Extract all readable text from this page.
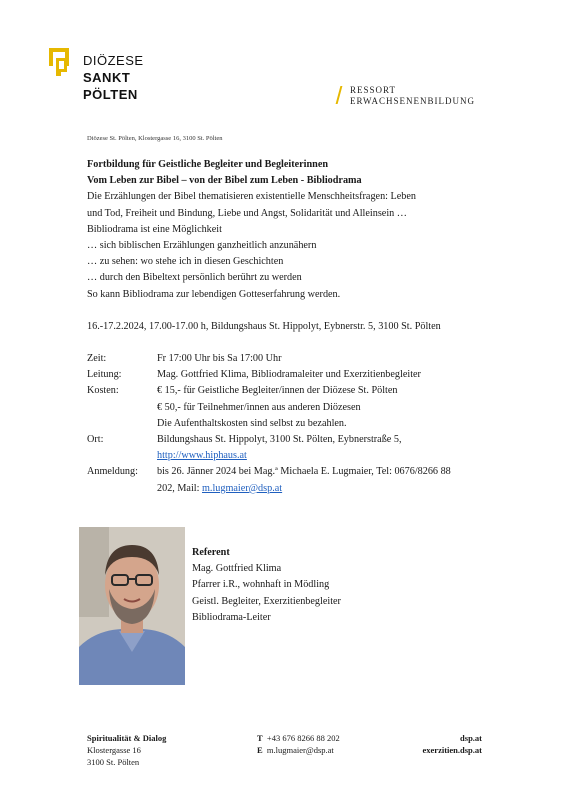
DIÖZESE
SANKT
PÖLTEN	RESSORT
ERWACHSENENBILDUNG
Diözese St. Pölten, Klostergasse 16, 3100 St. Pölten
Fortbildung für Geistliche Begleiter und Begleiterinnen
Vom Leben zur Bibel – von der Bibel zum Leben - Bibliodrama
Die Erzählungen der Bibel thematisieren existentielle Menschheitsfragen: Leben
und Tod, Freiheit und Bindung, Liebe und Angst, Solidarität und Alleinsein …
Bibliodrama ist eine Möglichkeit
… sich biblischen Erzählungen ganzheitlich anzunähern
… zu sehen: wo stehe ich in diesen Geschichten
… durch den Bibeltext persönlich berührt zu werden
So kann Bibliodrama zur lebendigen Gotteserfahrung werden.
16.-17.2.2024, 17.00-17.00 h, Bildungshaus St. Hippolyt, Eybnerstr. 5, 3100 St. Pölten
Zeit:	Fr 17:00 Uhr bis Sa 17:00 Uhr
Leitung:	Mag. Gottfried Klima, Bibliodramaleiter und Exerzitienbegleiter
Kosten:	€ 15,- für Geistliche Begleiter/innen der Diözese St. Pölten
€ 50,- für Teilnehmer/innen aus anderen Diözesen
Die Aufenthaltskosten sind selbst zu bezahlen.
Ort:	Bildungshaus St. Hippolyt, 3100 St. Pölten, Eybnerstraße 5,
http://www.hiphaus.at
Anmeldung:	bis 26. Jänner 2024 bei Mag.ª Michaela E. Lugmaier, Tel: 0676/8266 88
202, Mail: m.lugmaier@dsp.at
Referent
Mag. Gottfried Klima
Pfarrer i.R., wohnhaft in Mödling
Geistl. Begleiter, Exerzitienbegleiter
Bibliodrama-Leiter
Spiritualität & Dialog
Klostergasse 16
3100 St. Pölten
T +43 676 8266 88 202
E m.lugmaier@dsp.at
dsp.at
exerzitien.dsp.at
